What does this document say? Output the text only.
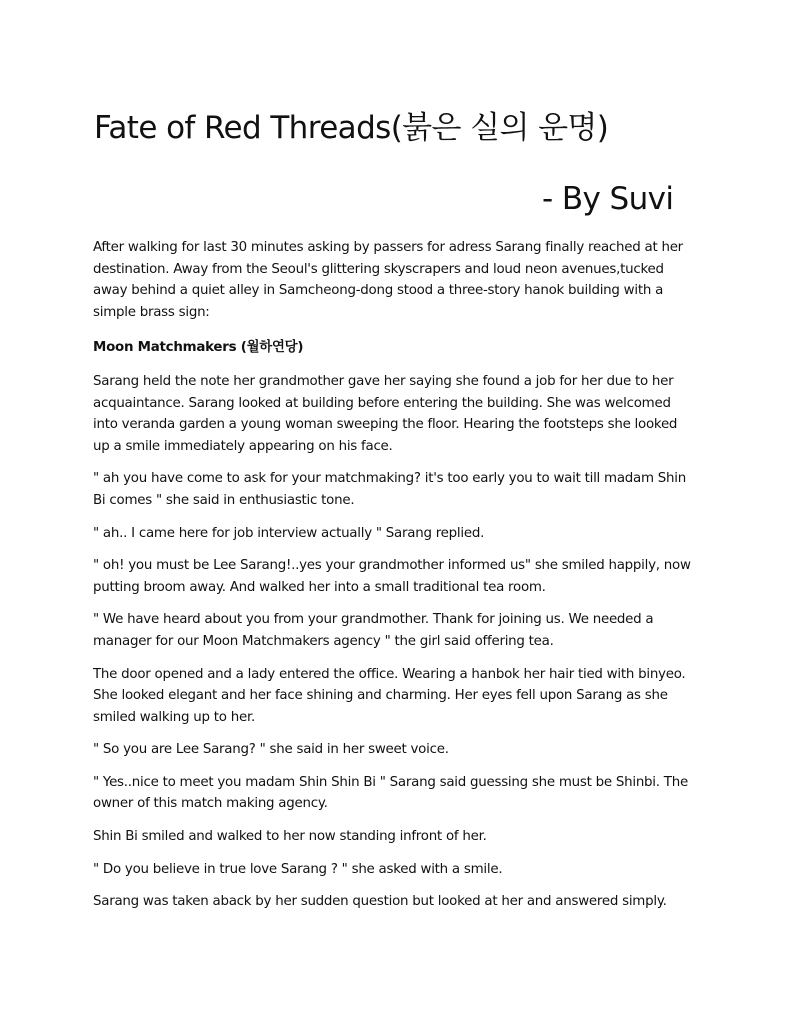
Fate of Red Threads(붉은 실의 운명)
- By Suvi

After walking for last 30 minutes asking by passers for adress Sarang finally reached at her destination. Away from the Seoul's glittering skyscrapers and loud neon avenues,tucked away behind a quiet alley in Samcheong-dong stood a three-story hanok building with a simple brass sign:

Moon Matchmakers (월하연당)

Sarang held the note her grandmother gave her saying she found a job for her due to her acquaintance. Sarang looked at building before entering the building. She was welcomed into veranda garden a young woman sweeping the floor. Hearing the footsteps she looked up a smile immediately appearing on his face.

" ah you have come to ask for your matchmaking? it's too early you to wait till madam Shin Bi comes " she said in enthusiastic tone.

" ah.. I came here for job interview actually " Sarang replied.

" oh! you must be Lee Sarang!..yes your grandmother informed us" she smiled happily, now putting broom away. And walked her into a small traditional tea room.

" We have heard about you from your grandmother. Thank for joining us. We needed a manager for our Moon Matchmakers agency " the girl said offering tea.

The door opened and a lady entered the office. Wearing a hanbok her hair tied with binyeo. She looked elegant and her face shining and charming. Her eyes fell upon Sarang as she smiled walking up to her.

" So you are Lee Sarang? " she said in her sweet voice.

" Yes..nice to meet you madam Shin Shin Bi " Sarang said guessing she must be Shinbi. The owner of this match making agency.

Shin Bi smiled and walked to her now standing infront of her.

" Do you believe in true love Sarang ? " she asked with a smile.

Sarang was taken aback by her sudden question but looked at her and answered simply.
